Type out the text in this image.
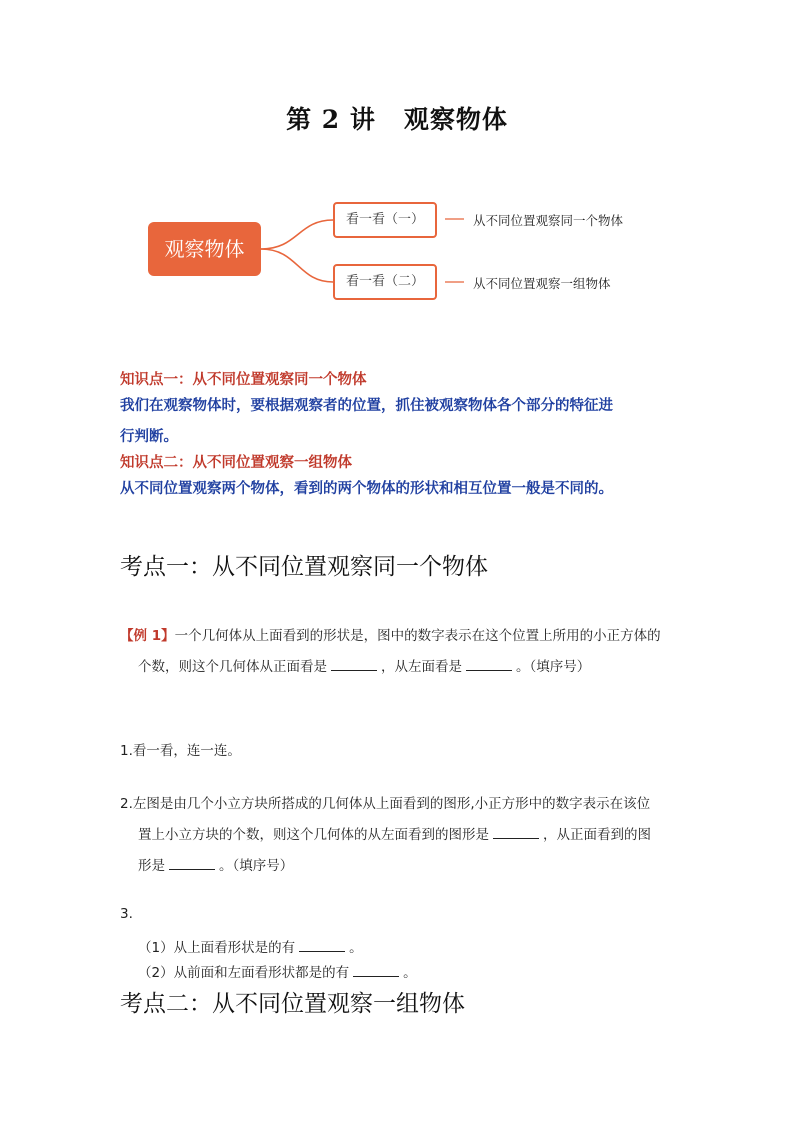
第 2 讲 观察物体
观察物体
看一看（一）
看一看（二）
从不同位置观察同一个物体
从不同位置观察一组物体
知识点一：从不同位置观察同一个物体
我们在观察物体时，要根据观察者的位置，抓住被观察物体各个部分的特征进
行判断。
知识点二：从不同位置观察一组物体
从不同位置观察两个物体，看到的两个物体的形状和相互位置一般是不同的。
考点一：从不同位置观察同一个物体
【例 1】一个几何体从上面看到的形状是，图中的数字表示在这个位置上所用的小正方体的
个数，则这个几何体从正面看是	，从左面看是	。（填序号）
1.看一看，连一连。
2.左图是由几个小立方块所搭成的几何体从上面看到的图形,小正方形中的数字表示在该位
置上小立方块的个数，则这个几何体的从左面看到的图形是	，从正面看到的图
形是	。（填序号）
3.
（1）从上面看形状是的有	。
（2）从前面和左面看形状都是的有	。
考点二：从不同位置观察一组物体
